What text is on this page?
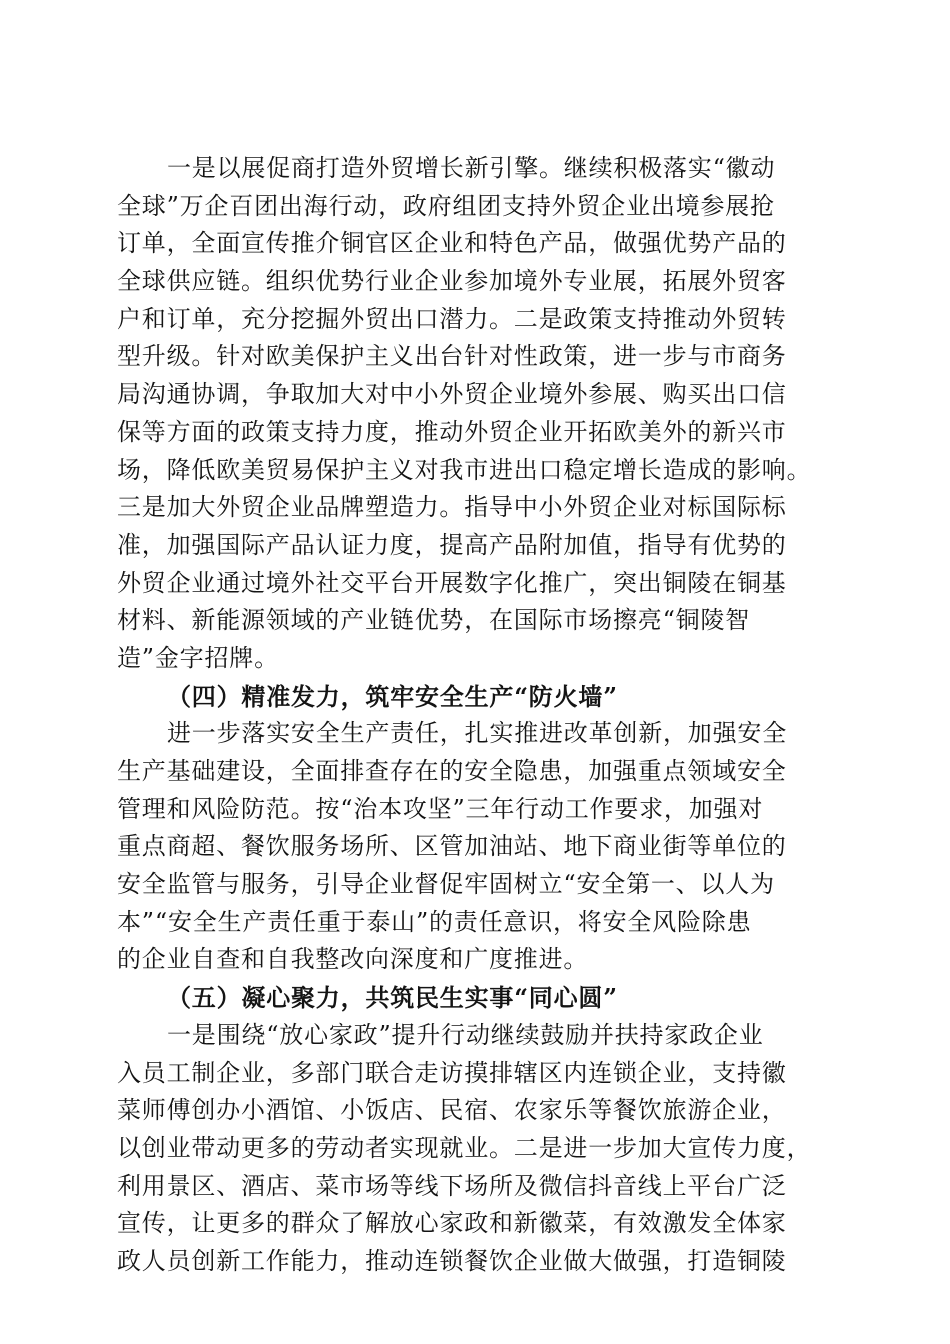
一是以展促商打造外贸增长新引擎。继续积极落实“徽动
全球”万企百团出海行动，政府组团支持外贸企业出境参展抢
订单，全面宣传推介铜官区企业和特色产品，做强优势产品的
全球供应链。组织优势行业企业参加境外专业展，拓展外贸客
户和订单，充分挖掘外贸出口潜力。二是政策支持推动外贸转
型升级。针对欧美保护主义出台针对性政策，进一步与市商务
局沟通协调，争取加大对中小外贸企业境外参展、购买出口信
保等方面的政策支持力度，推动外贸企业开拓欧美外的新兴市
场，降低欧美贸易保护主义对我市进出口稳定增长造成的影响。
三是加大外贸企业品牌塑造力。指导中小外贸企业对标国际标
准，加强国际产品认证力度，提高产品附加值，指导有优势的
外贸企业通过境外社交平台开展数字化推广，突出铜陵在铜基
材料、新能源领域的产业链优势，在国际市场擦亮“铜陵智
造”金字招牌。
（四）精准发力，筑牢安全生产“防火墙”
进一步落实安全生产责任，扎实推进改革创新，加强安全
生产基础建设，全面排查存在的安全隐患，加强重点领域安全
管理和风险防范。按“治本攻坚”三年行动工作要求，加强对
重点商超、餐饮服务场所、区管加油站、地下商业街等单位的
安全监管与服务，引导企业督促牢固树立“安全第一、以人为
本”“安全生产责任重于泰山”的责任意识，将安全风险除患
的企业自查和自我整改向深度和广度推进。
（五）凝心聚力，共筑民生实事“同心圆”
一是围绕“放心家政”提升行动继续鼓励并扶持家政企业
入员工制企业，多部门联合走访摸排辖区内连锁企业，支持徽
菜师傅创办小酒馆、小饭店、民宿、农家乐等餐饮旅游企业，
以创业带动更多的劳动者实现就业。二是进一步加大宣传力度，
利用景区、酒店、菜市场等线下场所及微信抖音线上平台广泛
宣传，让更多的群众了解放心家政和新徽菜，有效激发全体家
政人员创新工作能力，推动连锁餐饮企业做大做强，打造铜陵
